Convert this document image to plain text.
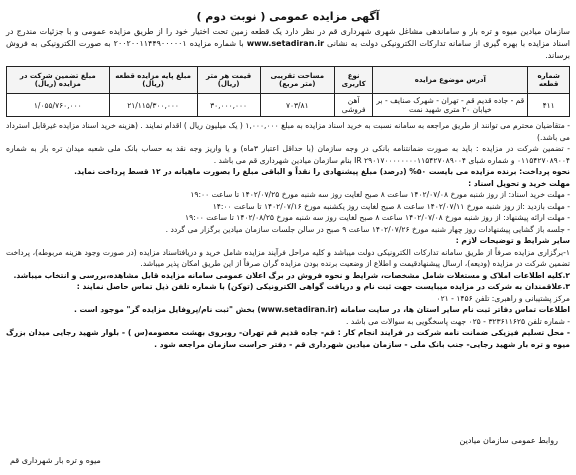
آگهی مزایده عمومی ( نوبت دوم )
سازمان میادین میوه و تره بار و ساماندهی مشاغل شهری شهرداری قم در نظر دارد یک قطعه زمین تحت اختیار خود را از طریق مزایده عمومی و با جزئیات مندرج در اسناد مزایده با بهره گیری از سامانه تدارکات الکترونیکی دولت به نشانی www.setadiran.ir با شماره مزایده ۲۰۰۲۰۰۱۱۴۴۹۰۰۰۰۰۱ به صورت الکترونیکی به فروش برساند.
شماره قطعه	آدرس موضوع مزایده	نوع کاربری	مساحت تقریبی (متر مربع)	قیمت هر متر (ریال)	مبلغ پایه مزایده قطعه (ریال)	مبلغ تضمین شرکت در مزایده (ریال)
۴۱۱	قم - جاده قدیم قم - تهران - شهرک صنایف - بر خیابان ۲۰ متری شهید نمت	آهن فروشی	۷۰۳/۸۱	۳۰,۰۰۰,۰۰۰	۲۱/۱۱۵/۳۰۰,۰۰۰	۱/۰۵۵/۷۶۰,۰۰۰

- متقاضیان محترم می توانند از طریق مراجعه به سامانه نسبت به خرید اسناد مزایده به مبلغ ۱,۰۰۰,۰۰۰ ( یک میلیون ریال ) اقدام نمایند . (هزینه خرید اسناد مزایده غیرقابل استرداد می باشد.)

- تضمین شرکت در مزایده : باید به صورت ضمانتنامه بانکی در وجه سازمان (با حداقل اعتبار ۳ماه) و یا واریز وجه نقد به حساب بانک ملی شعبه میدان تره بار به شماره ۰۱۱۵۴۲۷۰۸۹۰۰۴ و شماره شبای IR ۲۹۰۱۷۰۰۰۰۰۰۰۰۱۱۵۴۲۷۰۸۹۰۰۴ بنام سازمان میادین شهرداری قم می باشد .

نحوه پرداخت: برنده مزایده می بایست ۵۰% (درصد) مبلغ پیشنهادی را نقداً و الباقی مبلغ را بصورت ماهیانه در ۱۲ قسط پرداخت نماید.

مهلت خرید و تحویل اسناد :

- مهلت خرید اسناد: از روز شنبه مورخ ۱۴۰۲/۰۷/۰۸ ساعت ۸ صبح لغایت روز سه شنبه مورخ ۱۴۰۲/۰۷/۲۵ تا ساعت ۱۹:۰۰

- مهلت بازدید :از روز شنبه مورخ ۱۴۰۲/۰۷/۱۱ ساعت ۸ صبح لغایت روز یکشنبه مورخ ۱۴۰۲/۰۷/۱۶ تا ساعت ۱۴:۰۰

- مهلت ارائه پیشنهاد: از روز شنبه مورخ ۱۴۰۲/۰۷/۰۸ ساعت ۸ صبح لغایت روز سه شنبه مورخ ۱۴۰۲/۰۸/۲۵ تا ساعت ۱۹:۰۰

- جلسه باز گشایی پیشنهادات روز چهار شنبه مورخ ۱۴۰۲/۰۷/۲۶ ساعت ۹ صبح در سالن جلسات سازمان میادین برگزار می گردد .

سایر شرایط و توضیحات لازم :

۱-برگزاری مزایده صرفاً از طریق سامانه تدارکات الکترونیکی دولت میباشد و کلیه مراحل فرآیند مزایده شامل خرید و دریافتاسناد مزایده (در صورت وجود هزینه مربوطه)، پرداخت تضمین شرکت در مزایده (ودیعه)، ارسال پیشنهادقیمت و اطلاع از وضعیت برنده بودن مزایده گران صرفاً از این طریق امکان پذیر میباشد.

۲.کلیه اطلاعات املاک و مستغلات شامل مشخصات، شرایط و نحوه فروش در برگ اعلان عمومی سامانه مزایده قابل مشاهده،بررسی و انتخاب میباشد.

۳.علاقمندان به شرکت در مزایده میبایست جهت ثبت نام و دریافت گواهی الکترونیکی (توکن) با شماره تلفن ذیل تماس حاصل نمایند :

مرکز پشتیبانی و راهبری: تلفن ۱۴۵۶ - ۰۲۱

اطلاعات تماس دفاتر ثبت نام سایر استان ها، در سایت سامانه (www.setadiran.ir) بخش "ثبت نام/پروفایل مزایده گر" موجود است .

- شماره تلفن ۳۲۳۶۱۱۶۲۵ - ۰۲۵ جهت پاسخگویی به سوالات می باشد .

- محل تسلیم فیزیکی ضمانت نامه شرکت در فرایند انجام کار : قم- جاده قدیم قم تهران- روبروی بهشت معصومه(س ) - بلوار شهید رجایی میدان بزرگ میوه و تره بار شهید رجایی- جنب بانک ملی - سازمان میادین شهرداری قم - دفتر حراست سازمان مراجعه شود .

روابط عمومی سازمان میادین
میوه و تره بار شهرداری قم
